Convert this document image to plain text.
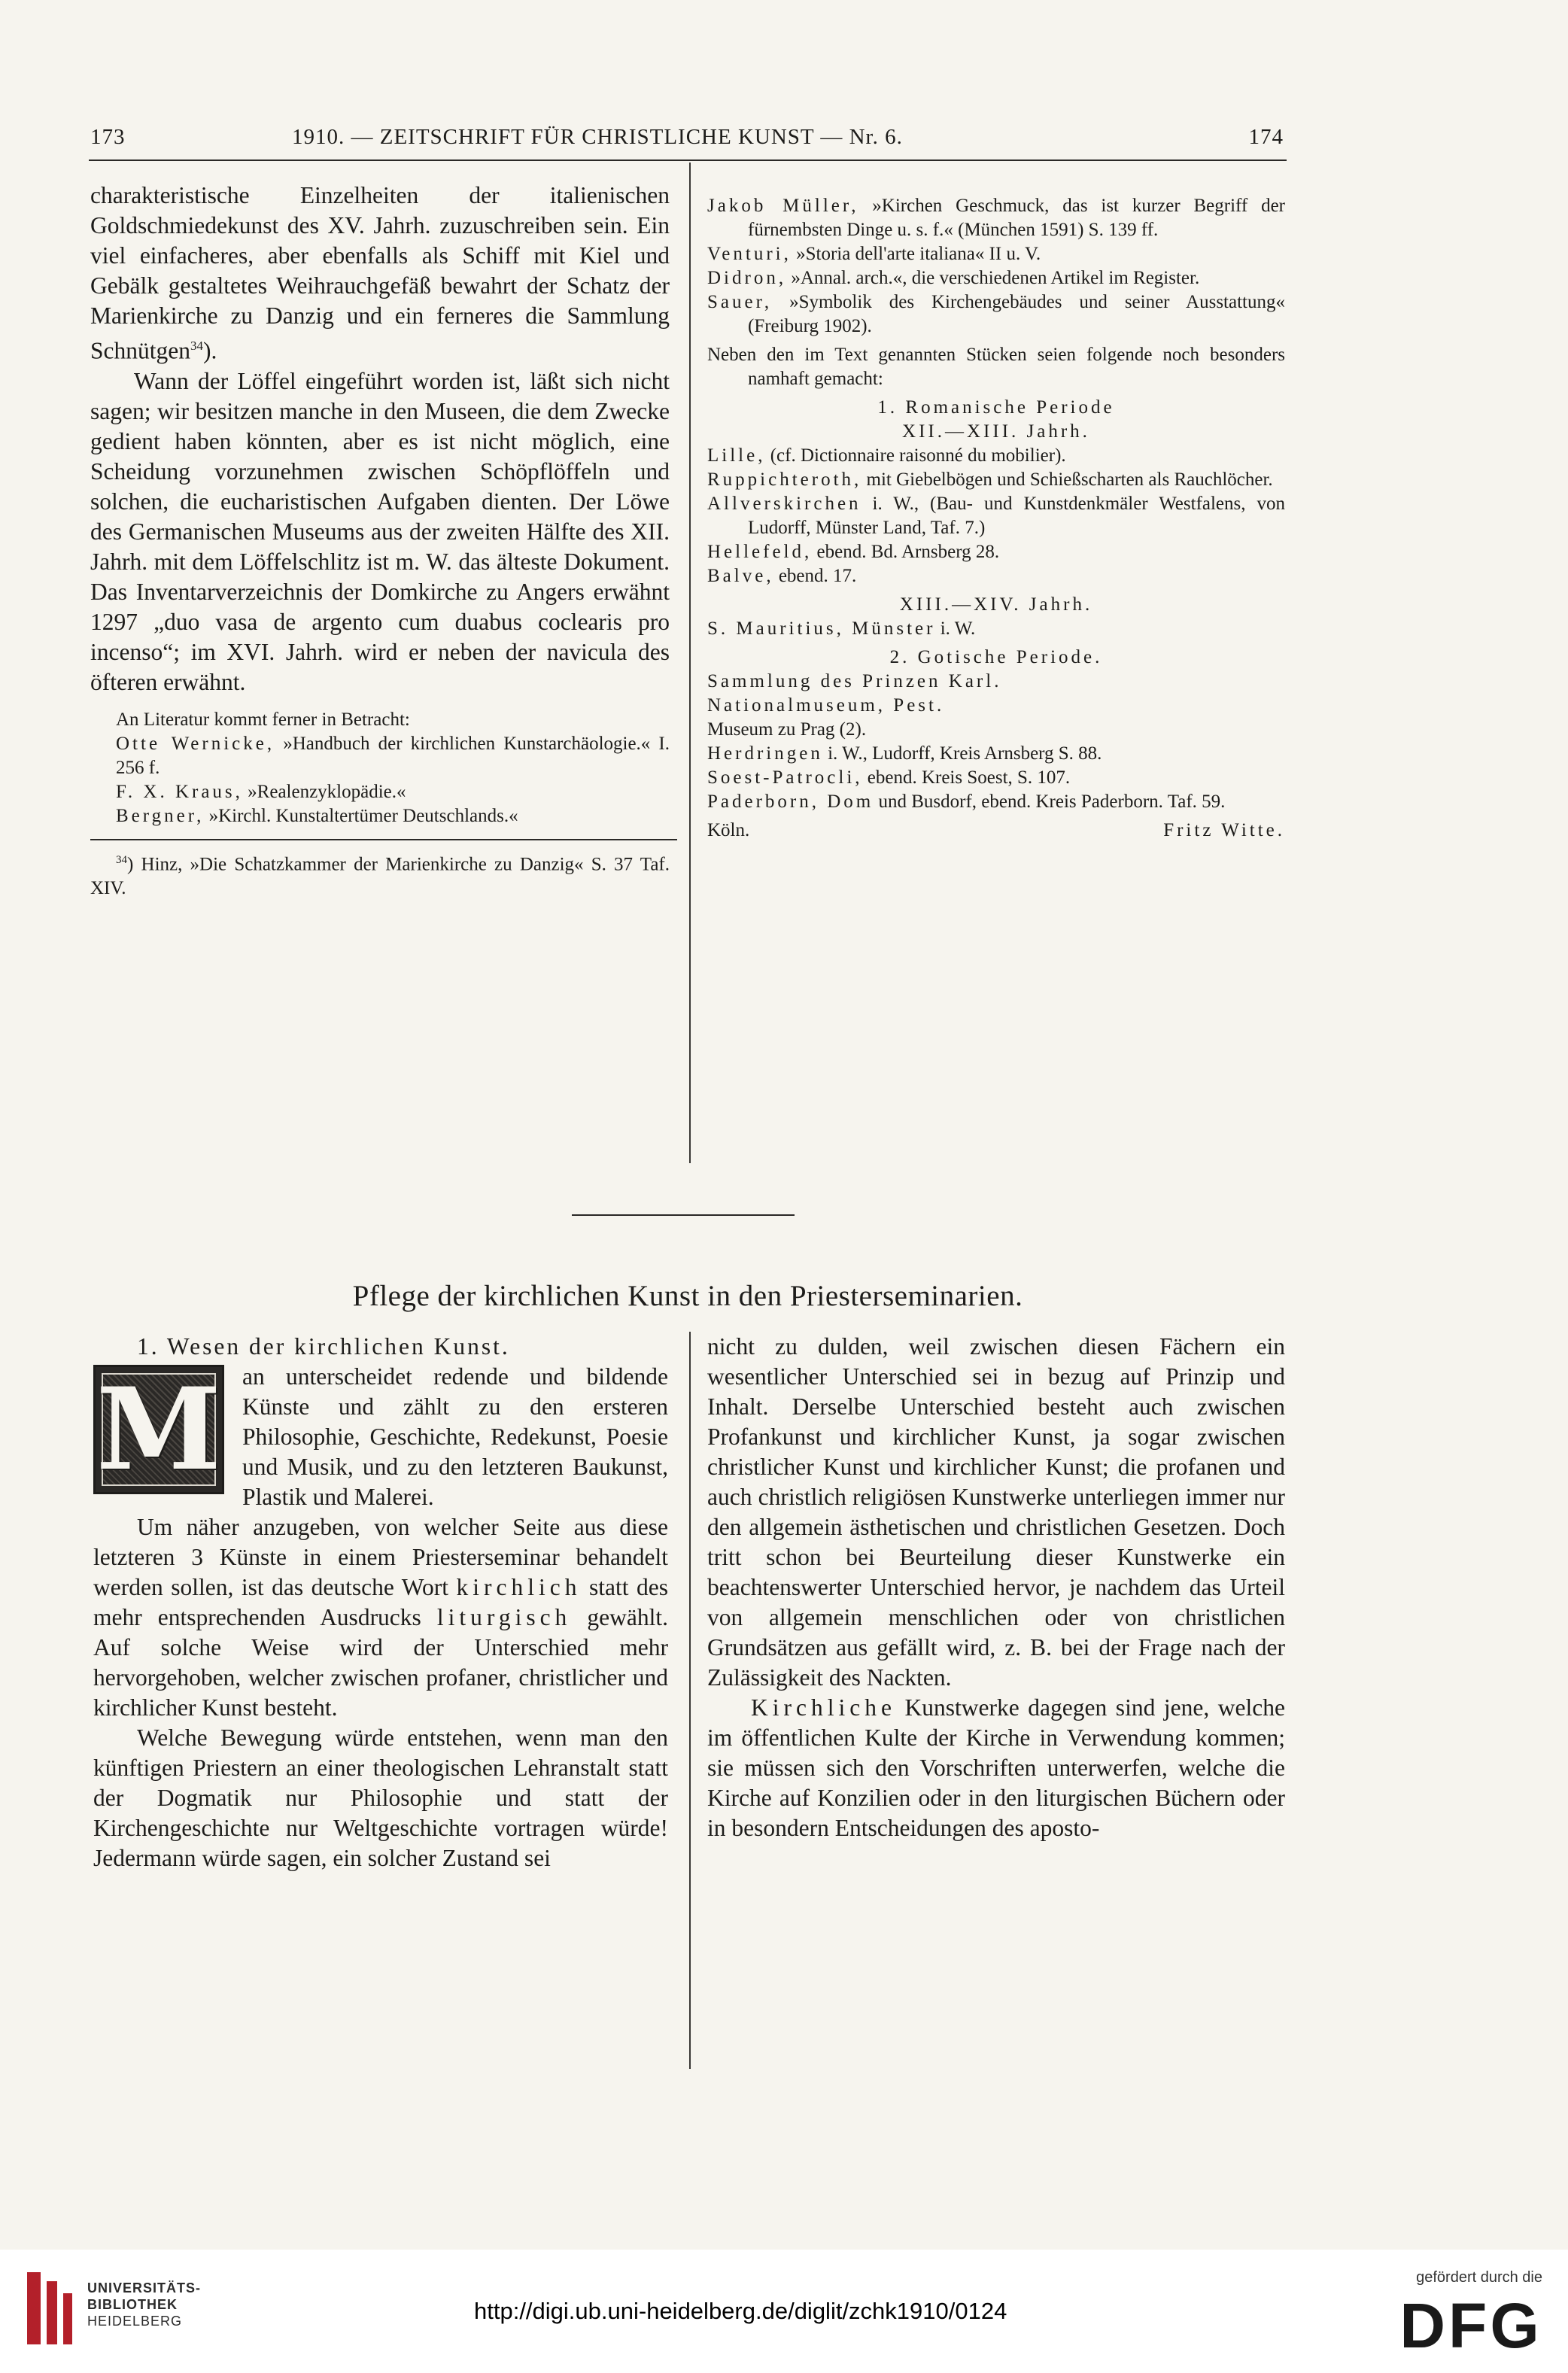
173	1910. — ZEITSCHRIFT FÜR CHRISTLICHE KUNST — Nr. 6.	174

charakteristische Einzelheiten der italienischen Goldschmiedekunst des XV. Jahrh. zuzuschreiben sein. Ein viel einfacheres, aber ebenfalls als Schiff mit Kiel und Gebälk gestaltetes Weihrauchgefäß bewahrt der Schatz der Marienkirche zu Danzig und ein ferneres die Sammlung Schnütgen$^{34}$).

Wann der Löffel eingeführt worden ist, läßt sich nicht sagen; wir besitzen manche in den Museen, die dem Zwecke gedient haben könnten, aber es ist nicht möglich, eine Scheidung vorzunehmen zwischen Schöpflöffeln und solchen, die eucharistischen Aufgaben dienten. Der Löwe des Germanischen Museums aus der zweiten Hälfte des XII. Jahrh. mit dem Löffelschlitz ist m. W. das älteste Dokument. Das Inventarverzeichnis der Domkirche zu Angers erwähnt 1297 „duo vasa de argento cum duabus coclearis pro incenso“; im XVI. Jahrh. wird er neben der navicula des öfteren erwähnt.

An Literatur kommt ferner in Betracht:

Otte Wernicke, »Handbuch der kirchlichen Kunstarchäologie.« I. 256 f.

F. X. Kraus, »Realenzyklopädie.«

Bergner, »Kirchl. Kunstaltertümer Deutschlands.«

$^{34}$) Hinz, »Die Schatzkammer der Marienkirche zu Danzig« S. 37 Taf. XIV.

Jakob Müller, »Kirchen Geschmuck, das ist kurzer Begriff der fürnembsten Dinge u. s. f.« (München 1591) S. 139 ff.

Venturi, »Storia dell'arte italiana« II u. V.

Didron, »Annal. arch.«, die verschiedenen Artikel im Register.

Sauer, »Symbolik des Kirchengebäudes und seiner Ausstattung« (Freiburg 1902).

Neben den im Text genannten Stücken seien folgende noch besonders namhaft gemacht:

1. Romanische Periode

XII.—XIII. Jahrh.

Lille, (cf. Dictionnaire raisonné du mobilier).

Ruppichteroth, mit Giebelbögen und Schießscharten als Rauchlöcher.

Allverskirchen i. W., (Bau- und Kunstdenkmäler Westfalens, von Ludorff, Münster Land, Taf. 7.)

Hellefeld, ebend. Bd. Arnsberg 28.

Balve, ebend. 17.

XIII.—XIV. Jahrh.

S. Mauritius, Münster i. W.

2. Gotische Periode.

Sammlung des Prinzen Karl.

Nationalmuseum, Pest.

Museum zu Prag (2).

Herdringen i. W., Ludorff, Kreis Arnsberg S. 88.

Soest-Patrocli, ebend. Kreis Soest, S. 107.

Paderborn, Dom und Busdorf, ebend. Kreis Paderborn. Taf. 59.

Köln.	Fritz Witte.
Pflege der kirchlichen Kunst in den Priesterseminarien.

1. Wesen der kirchlichen Kunst.

M an unterscheidet redende und bildende Künste und zählt zu den ersteren Philosophie, Geschichte, Redekunst, Poesie und Musik, und zu den letzteren Baukunst, Plastik und Malerei.

Um näher anzugeben, von welcher Seite aus diese letzteren 3 Künste in einem Priesterseminar behandelt werden sollen, ist das deutsche Wort kirchlich statt des mehr entsprechenden Ausdrucks liturgisch gewählt. Auf solche Weise wird der Unterschied mehr hervorgehoben, welcher zwischen profaner, christlicher und kirchlicher Kunst besteht.

Welche Bewegung würde entstehen, wenn man den künftigen Priestern an einer theologischen Lehranstalt statt der Dogmatik nur Philosophie und statt der Kirchengeschichte nur Weltgeschichte vortragen würde! Jedermann würde sagen, ein solcher Zustand sei

nicht zu dulden, weil zwischen diesen Fächern ein wesentlicher Unterschied sei in bezug auf Prinzip und Inhalt. Derselbe Unterschied besteht auch zwischen Profankunst und kirchlicher Kunst, ja sogar zwischen christlicher Kunst und kirchlicher Kunst; die profanen und auch christlich religiösen Kunstwerke unterliegen immer nur den allgemein ästhetischen und christlichen Gesetzen. Doch tritt schon bei Beurteilung dieser Kunstwerke ein beachtenswerter Unterschied hervor, je nachdem das Urteil von allgemein menschlichen oder von christlichen Grundsätzen aus gefällt wird, z. B. bei der Frage nach der Zulässigkeit des Nackten.

Kirchliche Kunstwerke dagegen sind jene, welche im öffentlichen Kulte der Kirche in Verwendung kommen; sie müssen sich den Vorschriften unterwerfen, welche die Kirche auf Konzilien oder in den liturgischen Büchern oder in besondern Entscheidungen des aposto-

UNIVERSITÄTS-
BIBLIOTHEK
HEIDELBERG	http://digi.ub.uni-heidelberg.de/diglit/zchk1910/0124
gefördert durch die
DFG
